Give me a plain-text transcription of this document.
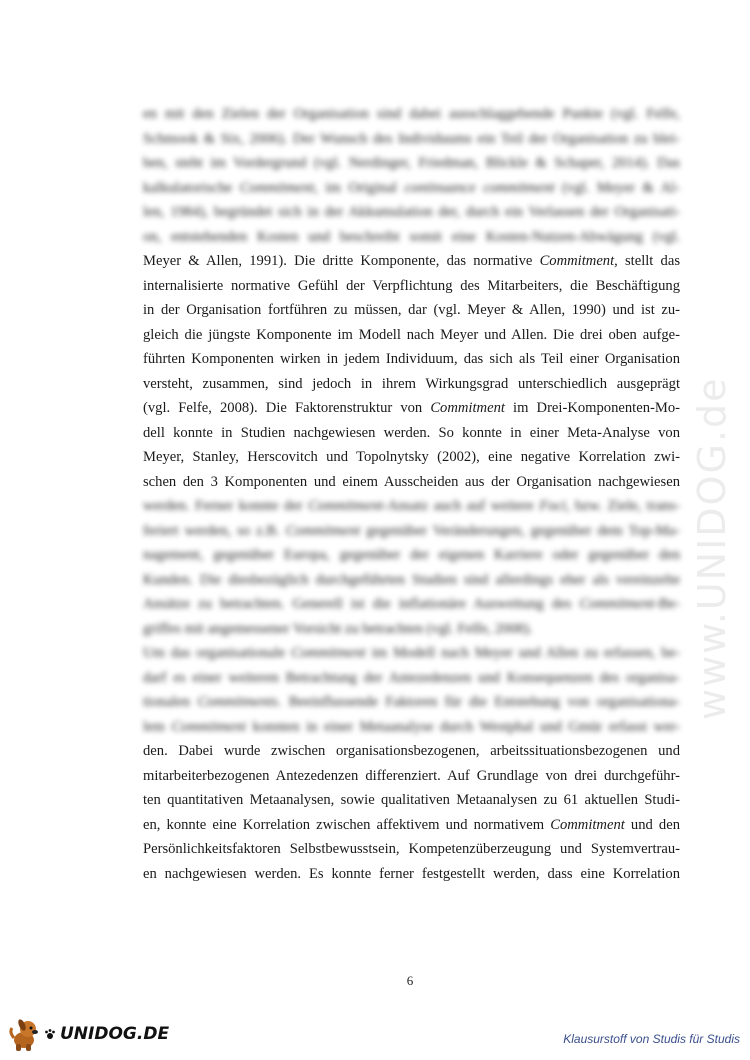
www.UNIDOG.de
en mit den Zielen der Organisation sind dabei ausschlaggebende Punkte (vgl. Felfe,
Schmook & Six, 2006). Der Wunsch des Individuums ein Teil der Organisation zu blei-
ben, steht im Vordergrund (vgl. Nerdinger, Friedman, Blickle & Schaper, 2014). Das
kalkulatorische Commitment, im Original continuance commitment (vgl. Meyer & Al-
len, 1984), begründet sich in der Akkumulation der, durch ein Verlassen der Organisati-
on, entstehenden Kosten und beschreibt somit eine Kosten-Nutzen-Abwägung (vgl.
Meyer & Allen, 1991). Die dritte Komponente, das normative Commitment, stellt das
internalisierte normative Gefühl der Verpflichtung des Mitarbeiters, die Beschäftigung
in der Organisation fortführen zu müssen, dar (vgl. Meyer & Allen, 1990) und ist zu-
gleich die jüngste Komponente im Modell nach Meyer und Allen. Die drei oben aufge-
führten Komponenten wirken in jedem Individuum, das sich als Teil einer Organisation
versteht, zusammen, sind jedoch in ihrem Wirkungsgrad unterschiedlich ausgeprägt
(vgl. Felfe, 2008). Die Faktorenstruktur von Commitment im Drei-Komponenten-Mo-
dell konnte in Studien nachgewiesen werden. So konnte in einer Meta-Analyse von
Meyer, Stanley, Herscovitch und Topolnytsky (2002), eine negative Korrelation zwi-
schen den 3 Komponenten und einem Ausscheiden aus der Organisation nachgewiesen
werden. Ferner konnte der Commitment-Ansatz auch auf weitere Foci, bzw. Ziele, trans-
feriert werden, so z.B. Commitment gegenüber Veränderungen, gegenüber dem Top-Ma-
nagement, gegenüber Europa, gegenüber der eigenen Karriere oder gegenüber den
Kunden. Die diesbezüglich durchgeführten Studien sind allerdings eher als vereinzelte
Ansätze zu betrachten. Generell ist die inflationäre Ausweitung des Commitment-Be-
griffes mit angemessener Vorsicht zu betrachten (vgl. Felfe, 2008).
Um das organisationale Commitment im Modell nach Meyer und Allen zu erfassen, be-
darf es einer weiteren Betrachtung der Antezedenzen und Konsequenzen des organisa-
tionalen Commitments. Beeinflussende Faktoren für die Entstehung von organisationa-
lem Commitment konnten in einer Metaanalyse durch Westphal und Gmür erfasst wer-
den. Dabei wurde zwischen organisationsbezogenen, arbeitssituationsbezogenen und
mitarbeiterbezogenen Antezedenzen differenziert. Auf Grundlage von drei durchgeführ-
ten quantitativen Metaanalysen, sowie qualitativen Metaanalysen zu 61 aktuellen Studi-
en, konnte eine Korrelation zwischen affektivem und normativem Commitment und den
Persönlichkeitsfaktoren Selbstbewusstsein, Kompetenzüberzeugung und Systemvertrau-
en nachgewiesen werden. Es konnte ferner festgestellt werden, dass eine Korrelation
6
UNIDOG.DE	Klausurstoff von Studis für Studis
